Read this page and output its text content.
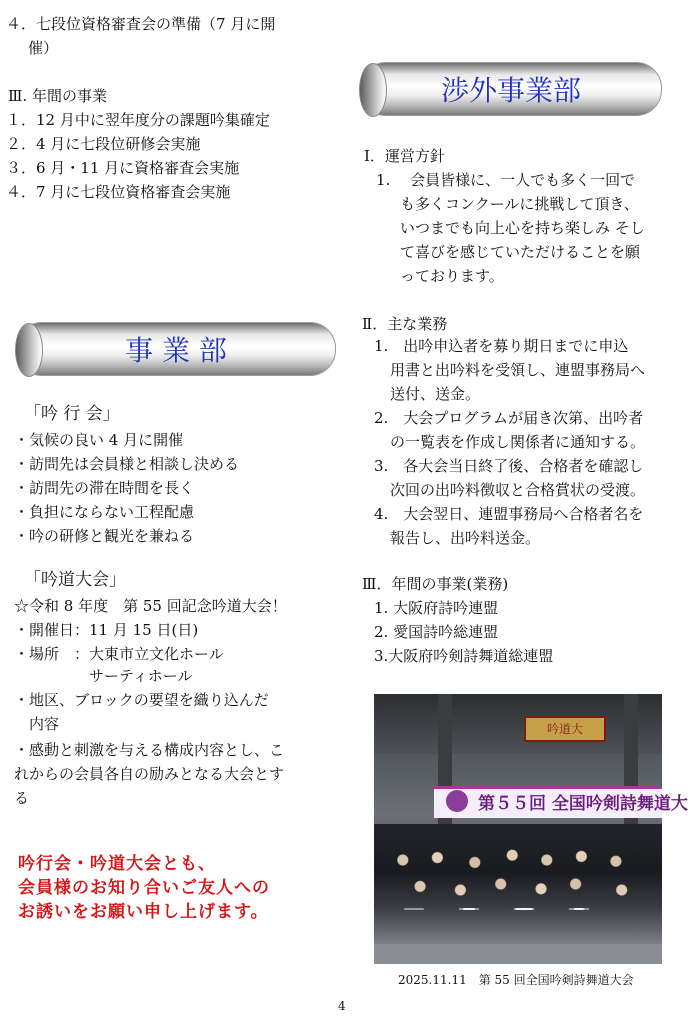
４．七段位資格審査会の準備（7 月に開
催）
Ⅲ. 年間の事業
１．12 月中に翌年度分の課題吟集確定
２．4 月に七段位研修会実施
３．6 月・11 月に資格審査会実施
４．7 月に七段位資格審査会実施
事 業 部
「吟 行 会」
・気候の良い 4 月に開催
・訪問先は会員様と相談し決める
・訪問先の滞在時間を長く
・負担にならない工程配慮
・吟の研修と観光を兼ねる
「吟道大会」
☆令和 8 年度　第 55 回記念吟道大会！
・開催日：11 月 15 日(日)
・場所　：大東市立文化ホール
　　　　　サーティホール
・地区、ブロックの要望を織り込んだ
　内容
・感動と刺激を与える構成内容とし、こ
れからの会員各自の励みとなる大会とす
る
吟行会・吟道大会とも、
会員様のお知り合いご友人への
お誘いをお願い申し上げます。
渉外事業部
Ⅰ．運営方針
1.　 会員皆様に、一人でも多く一回で
も多くコンクールに挑戦して頂き、
いつまでも向上心を持ち楽しみ そし
て喜びを感じていただけることを願
っております。
Ⅱ．主な業務
1.　出吟申込者を募り期日までに申込
用書と出吟料を受領し、連盟事務局へ
送付、送金。
2.　大会プログラムが届き次第、出吟者
の一覧表を作成し関係者に通知する。
3.　各大会当日終了後、合格者を確認し
次回の出吟料徴収と合格賞状の受渡。
4.　大会翌日、連盟事務局へ合格者名を
報告し、出吟料送金。
Ⅲ．年間の事業(業務)
1. 大阪府詩吟連盟
2. 愛国詩吟総連盟
3.大阪府吟剣詩舞道総連盟
吟道大
第５５回 全国吟剣詩舞道大
2025.11.11　第 55 回全国吟剣詩舞道大会
4
